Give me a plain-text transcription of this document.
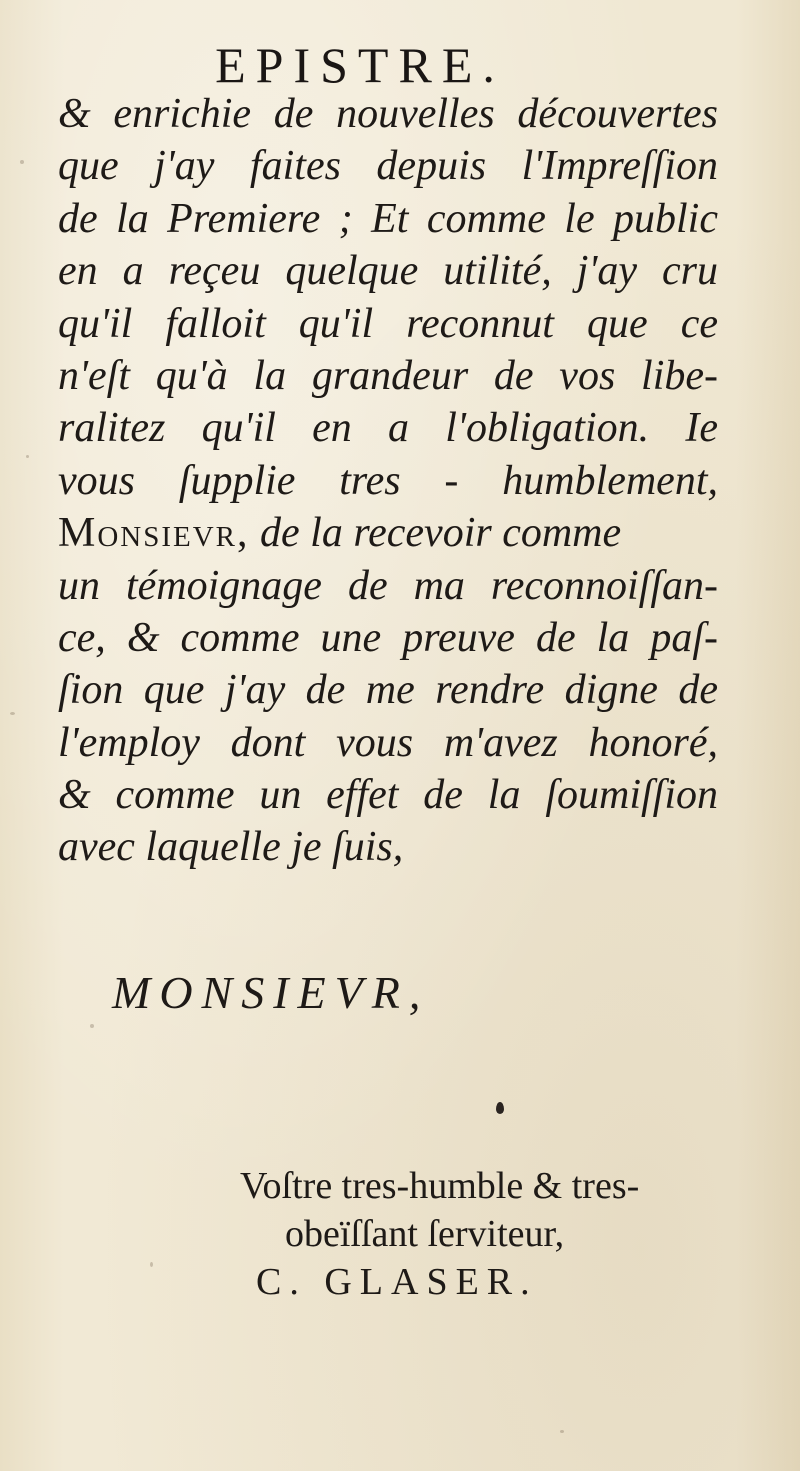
EPISTRE.
& enrichie de nouvelles découvertes
que j'ay faites depuis l'Impreſſion
de la Premiere ; Et comme le public
en a reçeu quelque utilité, j'ay cru
qu'il falloit qu'il reconnut que ce
n'eſt qu'à la grandeur de vos libe-
ralitez qu'il en a l'obligation. Ie
vous ſupplie tres - humblement,
Monsievr, de la recevoir comme
un témoignage de ma reconnoiſſan-
ce, & comme une preuve de la paſ-
ſion que j'ay de me rendre digne de
l'employ dont vous m'avez honoré,
& comme un effet de la ſoumiſſion
avec laquelle je ſuis,
MONSIEVR,
Voſtre tres-humble & tres-
obeïſſant ſerviteur,
C. GLASER.
